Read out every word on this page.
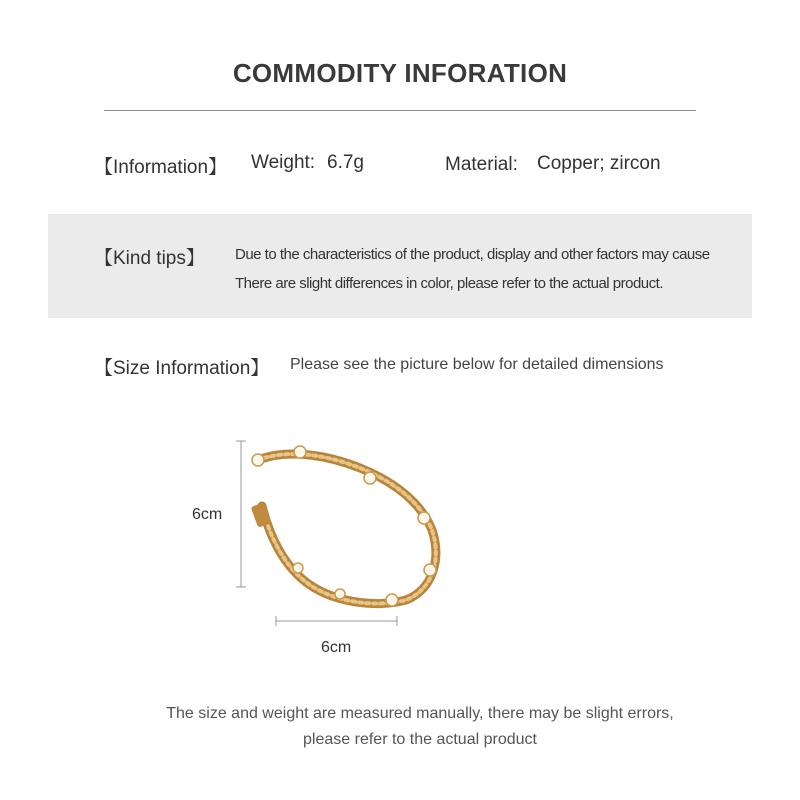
COMMODITY INFORATION
【Information】 Weight: 6.7g	Material: Copper; zircon
【Kind tips】 Due to the characteristics of the product, display and other factors may cause
There are slight differences in color, please refer to the actual product.
【Size Information】 Please see the picture below for detailed dimensions
6cm
6cm
The size and weight are measured manually, there may be slight errors,
please refer to the actual product
